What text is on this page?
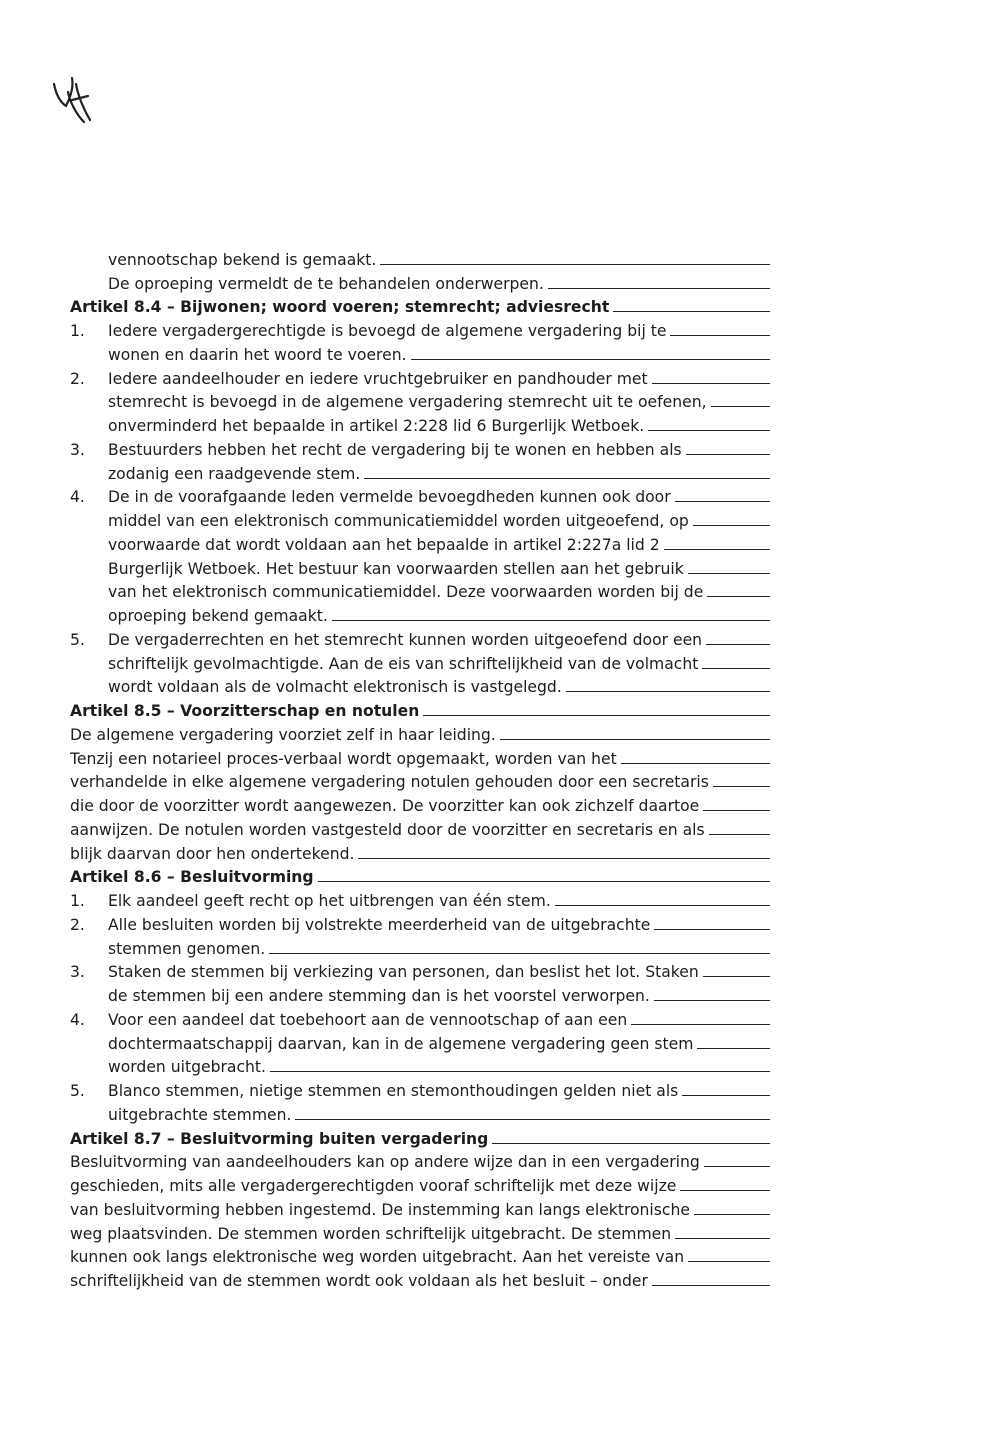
vennootschap bekend is gemaakt.
De oproeping vermeldt de te behandelen onderwerpen.
Artikel 8.4 – Bijwonen; woord voeren; stemrecht; adviesrecht
1.	Iedere vergadergerechtigde is bevoegd de algemene vergadering bij te
wonen en daarin het woord te voeren.
2.	Iedere aandeelhouder en iedere vruchtgebruiker en pandhouder met
stemrecht is bevoegd in de algemene vergadering stemrecht uit te oefenen,
onverminderd het bepaalde in artikel 2:228 lid 6 Burgerlijk Wetboek.
3.	Bestuurders hebben het recht de vergadering bij te wonen en hebben als
zodanig een raadgevende stem.
4.	De in de voorafgaande leden vermelde bevoegdheden kunnen ook door
middel van een elektronisch communicatiemiddel worden uitgeoefend, op
voorwaarde dat wordt voldaan aan het bepaalde in artikel 2:227a lid 2
Burgerlijk Wetboek. Het bestuur kan voorwaarden stellen aan het gebruik
van het elektronisch communicatiemiddel. Deze voorwaarden worden bij de
oproeping bekend gemaakt.
5.	De vergaderrechten en het stemrecht kunnen worden uitgeoefend door een
schriftelijk gevolmachtigde. Aan de eis van schriftelijkheid van de volmacht
wordt voldaan als de volmacht elektronisch is vastgelegd.
Artikel 8.5 – Voorzitterschap en notulen
De algemene vergadering voorziet zelf in haar leiding.
Tenzij een notarieel proces-verbaal wordt opgemaakt, worden van het
verhandelde in elke algemene vergadering notulen gehouden door een secretaris
die door de voorzitter wordt aangewezen. De voorzitter kan ook zichzelf daartoe
aanwijzen. De notulen worden vastgesteld door de voorzitter en secretaris en als
blijk daarvan door hen ondertekend.
Artikel 8.6 – Besluitvorming
1.	Elk aandeel geeft recht op het uitbrengen van één stem.
2.	Alle besluiten worden bij volstrekte meerderheid van de uitgebrachte
stemmen genomen.
3.	Staken de stemmen bij verkiezing van personen, dan beslist het lot. Staken
de stemmen bij een andere stemming dan is het voorstel verworpen.
4.	Voor een aandeel dat toebehoort aan de vennootschap of aan een
dochtermaatschappij daarvan, kan in de algemene vergadering geen stem
worden uitgebracht.
5.	Blanco stemmen, nietige stemmen en stemonthoudingen gelden niet als
uitgebrachte stemmen.
Artikel 8.7 – Besluitvorming buiten vergadering
Besluitvorming van aandeelhouders kan op andere wijze dan in een vergadering
geschieden, mits alle vergadergerechtigden vooraf schriftelijk met deze wijze
van besluitvorming hebben ingestemd. De instemming kan langs elektronische
weg plaatsvinden. De stemmen worden schriftelijk uitgebracht. De stemmen
kunnen ook langs elektronische weg worden uitgebracht. Aan het vereiste van
schriftelijkheid van de stemmen wordt ook voldaan als het besluit – onder
